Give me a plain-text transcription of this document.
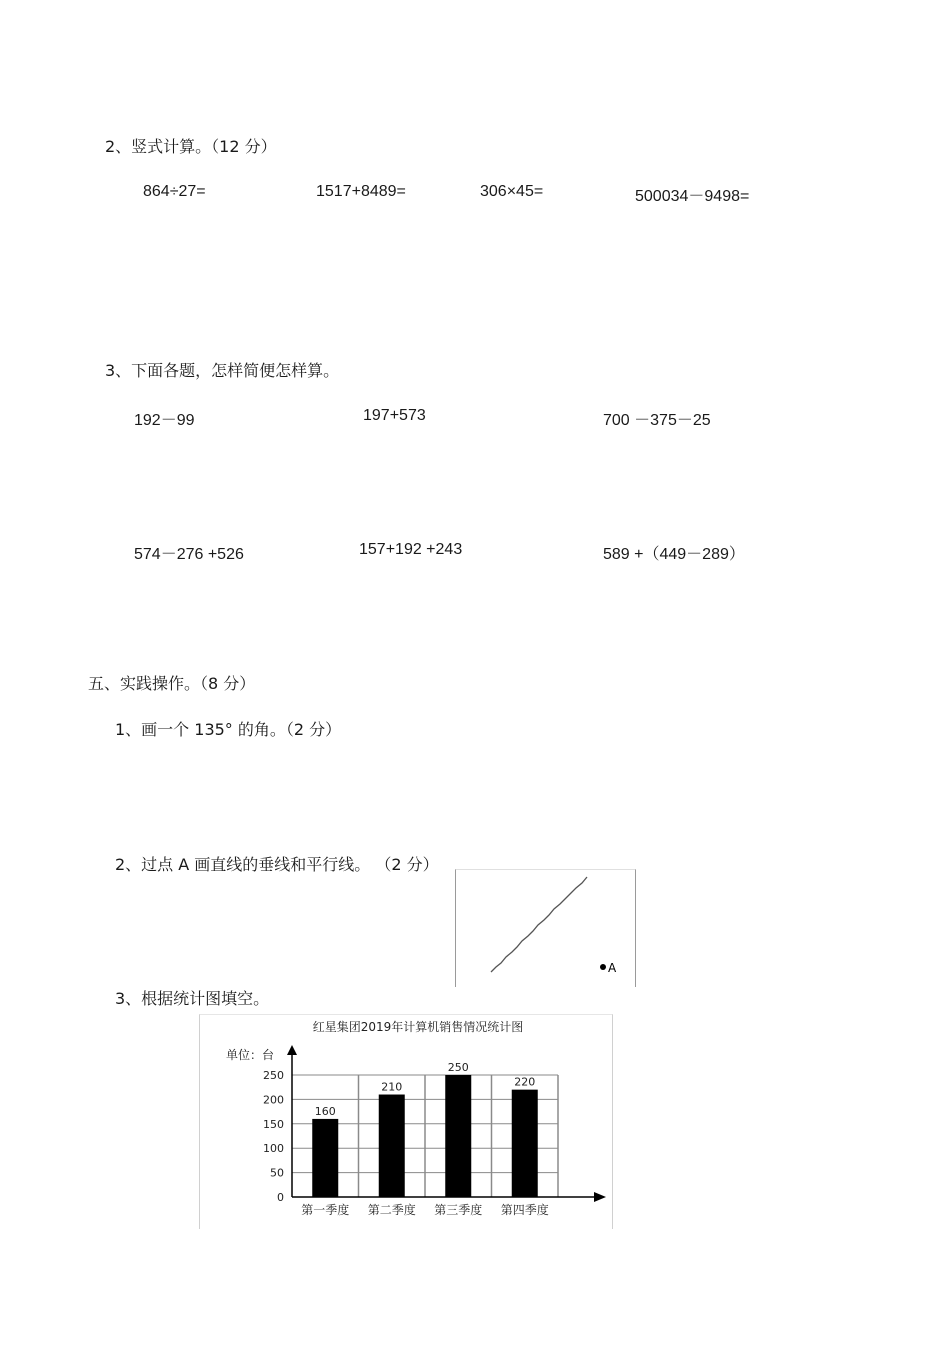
2、竖式计算。（12 分）
864÷27=	1517+8489=	306×45=	500034－9498=
3、下面各题，怎样简便怎样算。
192－99	197+573	700 －375－25
574－276 +526	157+192 +243	589 +（449－289）
五、实践操作。（8 分）
1、画一个 135° 的角。（2 分）
2、过点 A 画直线的垂线和平行线。 （2 分）
A
3、根据统计图填空。
红星集团2019年计算机销售情况统计图
单位：台
160
210
250
220
0
50
100
150
200
250
第一季度 第二季度 第三季度 第四季度
